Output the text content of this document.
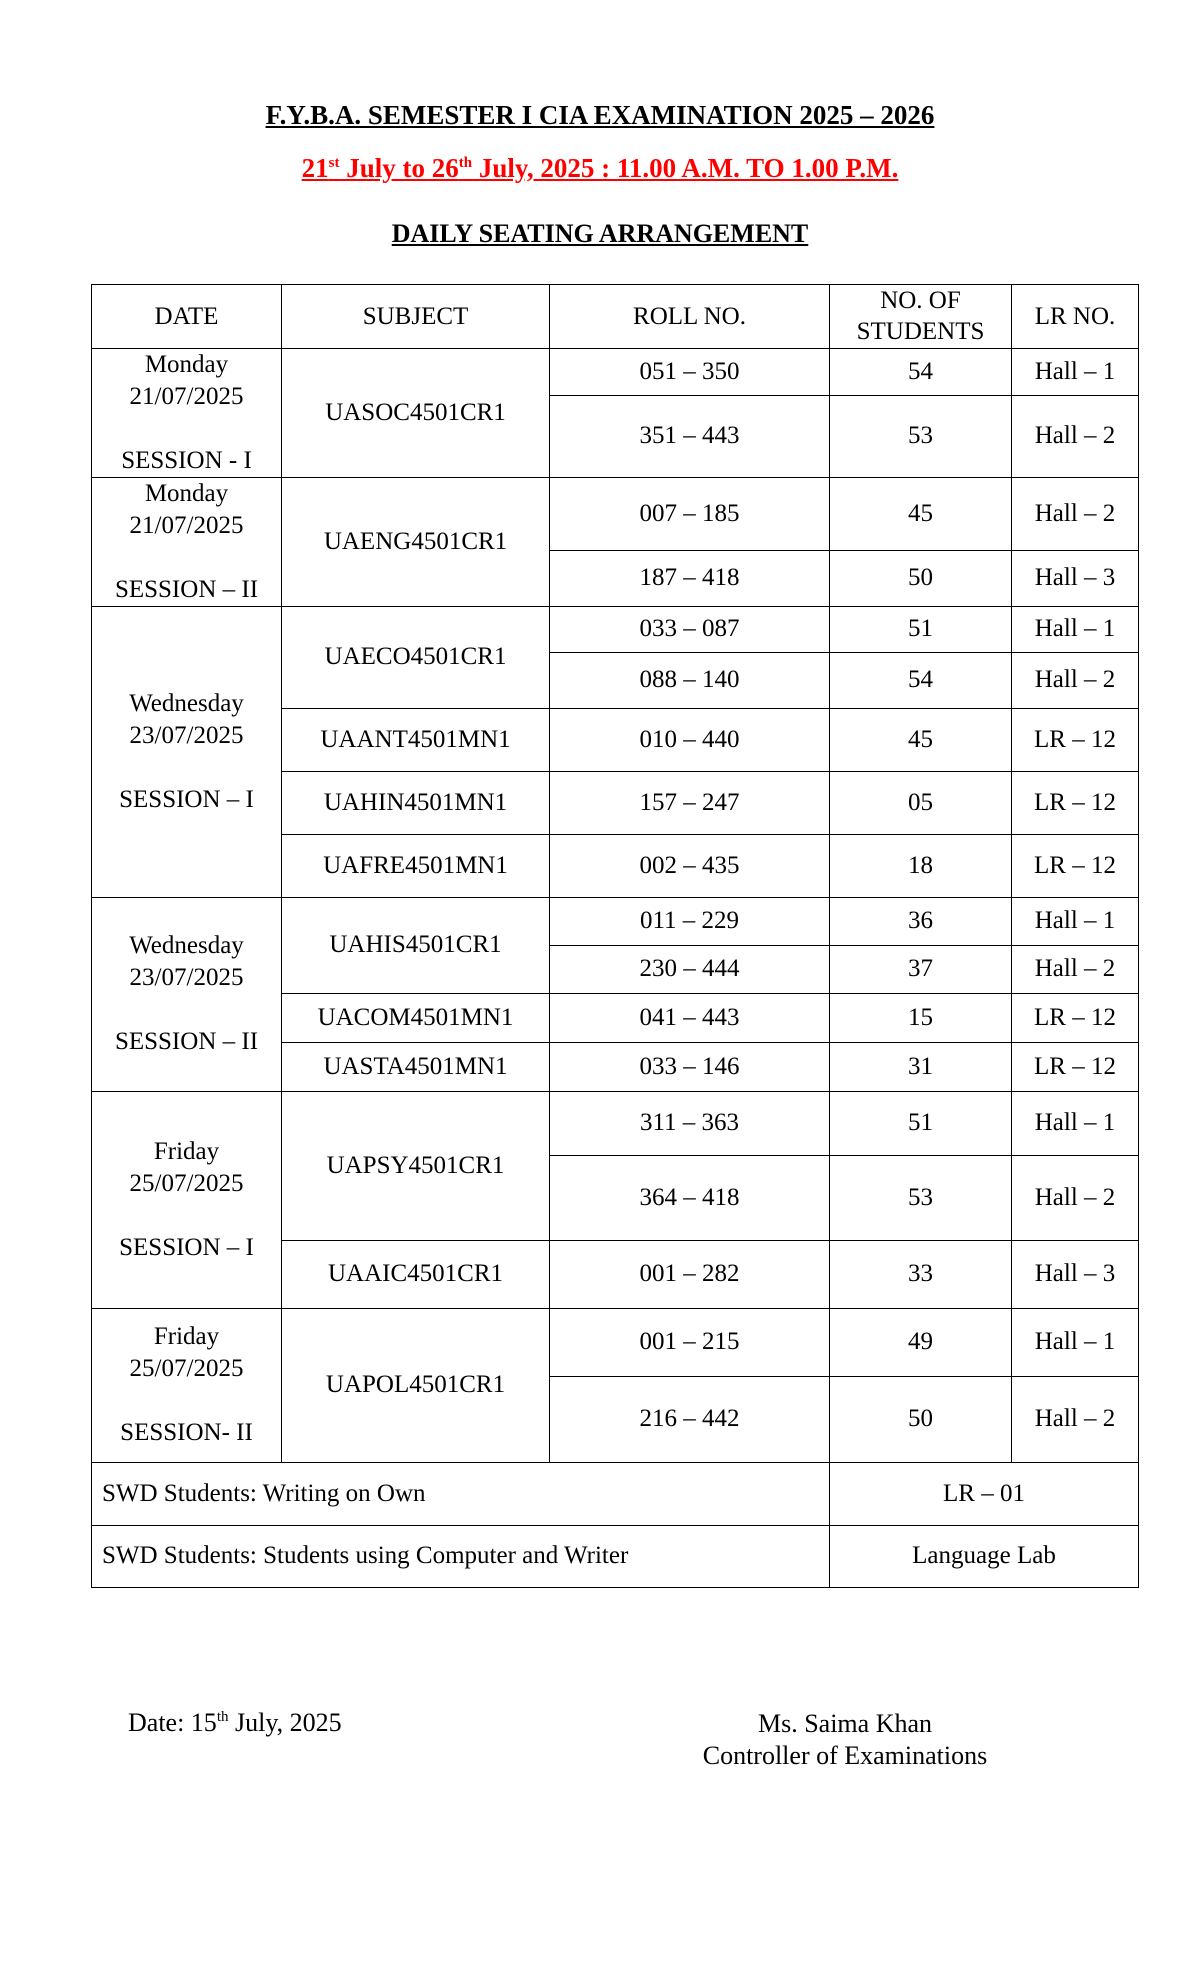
F.Y.B.A. SEMESTER I CIA EXAMINATION 2025 – 2026
21st July to 26th July, 2025 : 11.00 A.M. TO 1.00 P.M.
DAILY SEATING ARRANGEMENT
DATE	SUBJECT	ROLL NO.	NO. OF STUDENTS	LR NO.

Monday
21/07/2025
SESSION - I	UASOC4501CR1	051 – 350	54	Hall – 1
		351 – 443	53	Hall – 2

Monday
21/07/2025
SESSION – II	UAENG4501CR1	007 – 185	45	Hall – 2
		187 – 418	50	Hall – 3

Wednesday
23/07/2025
SESSION – I	UAECO4501CR1	033 – 087	51	Hall – 1
		088 – 140	54	Hall – 2
	UAANT4501MN1	010 – 440	45	LR – 12
	UAHIN4501MN1	157 – 247	05	LR – 12
	UAFRE4501MN1	002 – 435	18	LR – 12

Wednesday
23/07/2025
SESSION – II	UAHIS4501CR1	011 – 229	36	Hall – 1
		230 – 444	37	Hall – 2
	UACOM4501MN1	041 – 443	15	LR – 12
	UASTA4501MN1	033 – 146	31	LR – 12

Friday
25/07/2025
SESSION – I	UAPSY4501CR1	311 – 363	51	Hall – 1
		364 – 418	53	Hall – 2
	UAAIC4501CR1	001 – 282	33	Hall – 3

Friday
25/07/2025
SESSION- II	UAPOL4501CR1	001 – 215	49	Hall – 1
		216 – 442	50	Hall – 2
SWD Students: Writing on Own			LR – 01	
SWD Students: Students using Computer and Writer			Language Lab	
Date: 15th July, 2025	Ms. Saima Khan
Controller of Examinations
